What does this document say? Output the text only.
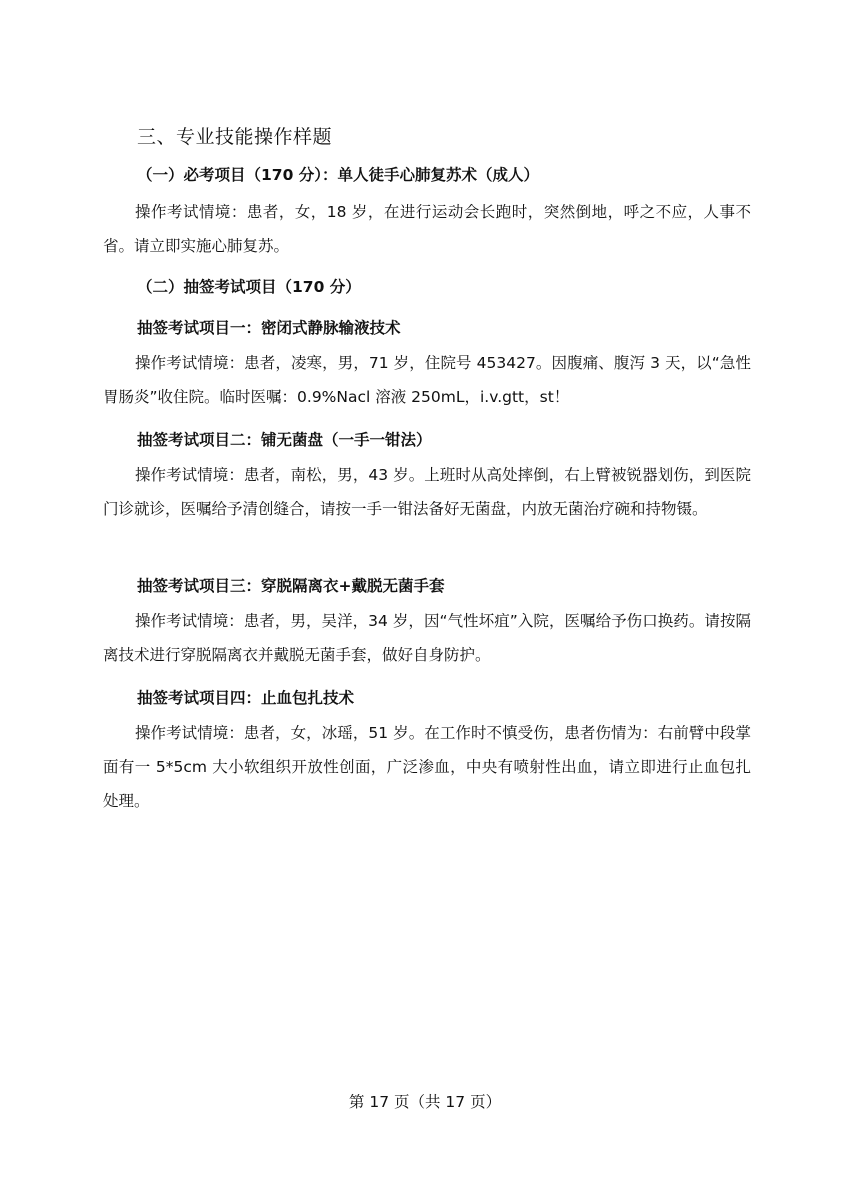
三、专业技能操作样题
（一）必考项目（170 分）：单人徒手心肺复苏术（成人）
操作考试情境：患者，女，18 岁，在进行运动会长跑时，突然倒地，呼之不应，人事不省。请立即实施心肺复苏。
（二）抽签考试项目（170 分）
抽签考试项目一：密闭式静脉输液技术
操作考试情境：患者，凌寒，男，71 岁，住院号 453427。因腹痛、腹泻 3 天，以“急性胃肠炎”收住院。临时医嘱：0.9%Nacl 溶液 250mL，i.v.gtt，st！
抽签考试项目二：铺无菌盘（一手一钳法）
操作考试情境：患者，南松，男，43 岁。上班时从高处摔倒，右上臂被锐器划伤，到医院门诊就诊，医嘱给予清创缝合，请按一手一钳法备好无菌盘，内放无菌治疗碗和持物镊。
抽签考试项目三：穿脱隔离衣+戴脱无菌手套
操作考试情境：患者，男，吴洋，34 岁，因“气性坏疽”入院，医嘱给予伤口换药。请按隔离技术进行穿脱隔离衣并戴脱无菌手套，做好自身防护。
抽签考试项目四：止血包扎技术
操作考试情境：患者，女，冰瑶，51 岁。在工作时不慎受伤，患者伤情为：右前臂中段掌面有一 5*5cm 大小软组织开放性创面，广泛渗血，中央有喷射性出血，请立即进行止血包扎处理。
第 17 页（共 17 页）
